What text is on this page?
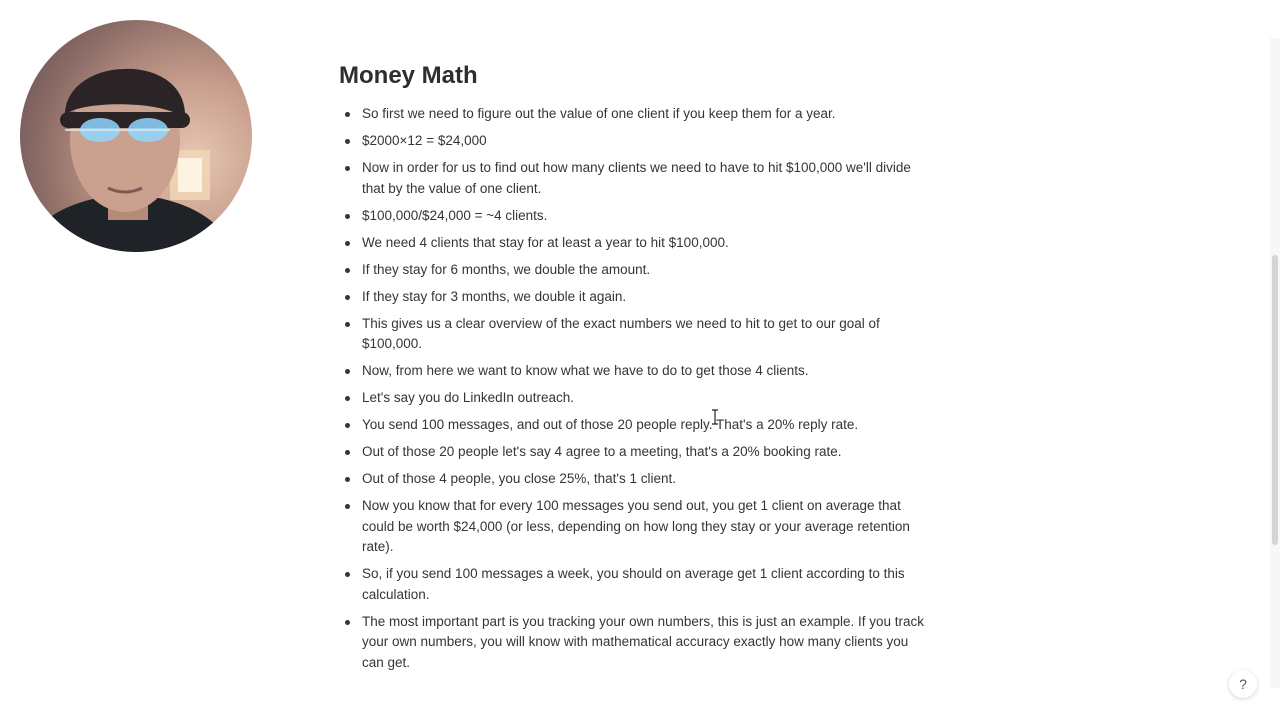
Money Math
So first we need to figure out the value of one client if you keep them for a year.
$2000×12 = $24,000
Now in order for us to find out how many clients we need to have to hit $100,000 we'll divide that by the value of one client.
$100,000/$24,000 = ~4 clients.
We need 4 clients that stay for at least a year to hit $100,000.
If they stay for 6 months, we double the amount.
If they stay for 3 months, we double it again.
This gives us a clear overview of the exact numbers we need to hit to get to our goal of $100,000.
Now, from here we want to know what we have to do to get those 4 clients.
Let's say you do LinkedIn outreach.
You send 100 messages, and out of those 20 people reply. That's a 20% reply rate.
Out of those 20 people let's say 4 agree to a meeting, that's a 20% booking rate.
Out of those 4 people, you close 25%, that's 1 client.
Now you know that for every 100 messages you send out, you get 1 client on average that could be worth $24,000 (or less, depending on how long they stay or your average retention rate).
So, if you send 100 messages a week, you should on average get 1 client according to this calculation.
The most important part is you tracking your own numbers, this is just an example. If you track your own numbers, you will know with mathematical accuracy exactly how many clients you can get.
?
